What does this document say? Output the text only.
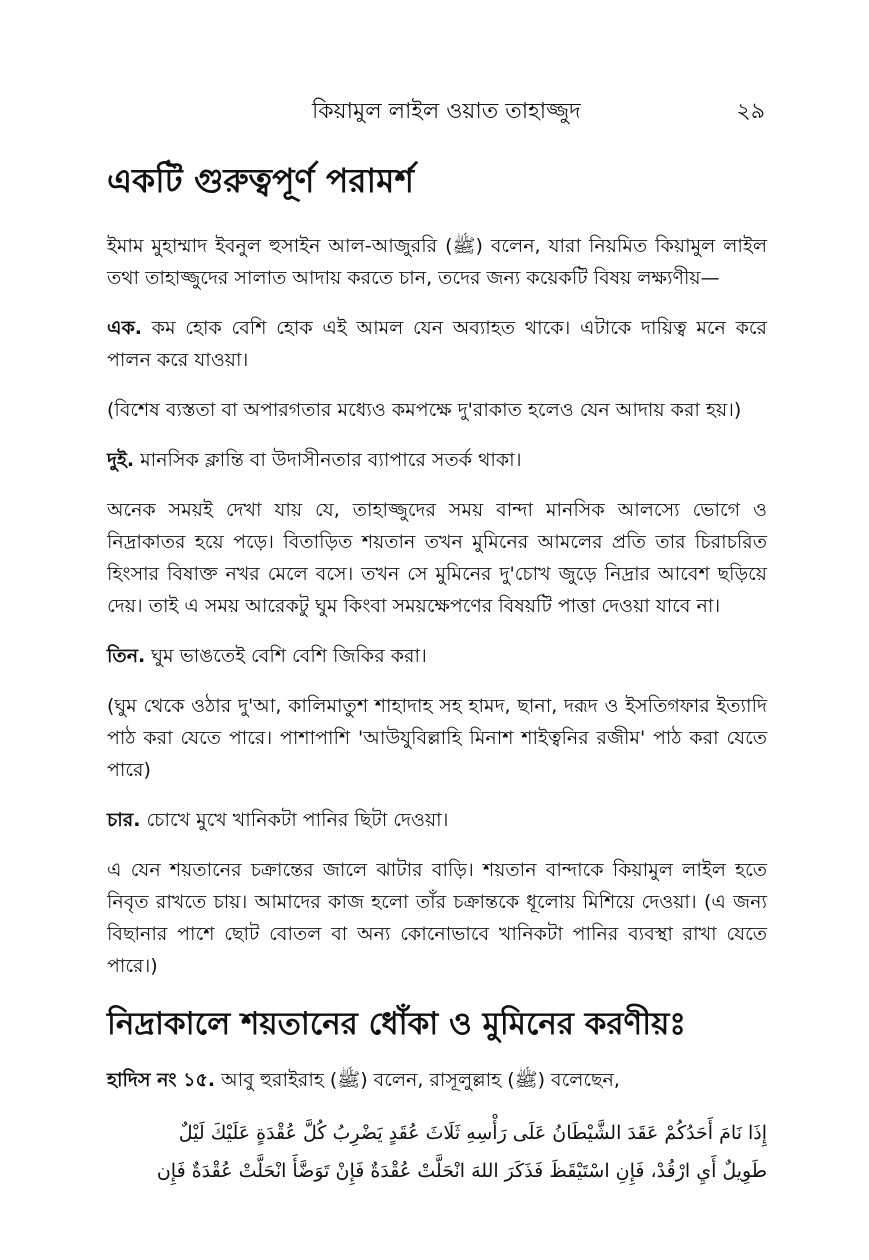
কিয়ামুল লাইল ওয়াত তাহাজ্জুদ	২৯
একটি গুরুত্বপূর্ণ পরামর্শ

ইমাম মুহাম্মাদ ইবনুল হুসাইন আল-আজুররি (ﷺ) বলেন, যারা নিয়মিত কিয়ামুল লাইল তথা তাহাজ্জুদের সালাত আদায় করতে চান, তদের জন্য কয়েকটি বিষয় লক্ষ্যণীয়—

এক. কম হোক বেশি হোক এই আমল যেন অব্যাহত থাকে। এটাকে দায়িত্ব মনে করে পালন করে যাওয়া।

(বিশেষ ব্যস্ততা বা অপারগতার মধ্যেও কমপক্ষে দু'রাকাত হলেও যেন আদায় করা হয়।)

দুই. মানসিক ক্লান্তি বা উদাসীনতার ব্যাপারে সতর্ক থাকা।

অনেক সময়ই দেখা যায় যে, তাহাজ্জুদের সময় বান্দা মানসিক আলস্যে ভোগে ও নিদ্রাকাতর হয়ে পড়ে। বিতাড়িত শয়তান তখন মুমিনের আমলের প্রতি তার চিরাচরিত হিংসার বিষাক্ত নখর মেলে বসে। তখন সে মুমিনের দু'চোখ জুড়ে নিদ্রার আবেশ ছড়িয়ে দেয়। তাই এ সময় আরেকটু ঘুম কিংবা সময়ক্ষেপণের বিষয়টি পাত্তা দেওয়া যাবে না।

তিন. ঘুম ভাঙতেই বেশি বেশি জিকির করা।

(ঘুম থেকে ওঠার দু'আ, কালিমাতুশ শাহাদাহ সহ হামদ, ছানা, দরূদ ও ইসতিগফার ইত্যাদি পাঠ করা যেতে পারে। পাশাপাশি 'আউযুবিল্লাহি মিনাশ শাইত্বনির রজীম' পাঠ করা যেতে পারে)

চার. চোখে মুখে খানিকটা পানির ছিটা দেওয়া।

এ যেন শয়তানের চক্রান্তের জালে ঝাটার বাড়ি। শয়তান বান্দাকে কিয়ামুল লাইল হতে নিবৃত রাখতে চায়। আমাদের কাজ হলো তাঁর চক্রান্তকে ধূলোয় মিশিয়ে দেওয়া। (এ জন্য বিছানার পাশে ছোট বোতল বা অন্য কোনোভাবে খানিকটা পানির ব্যবস্থা রাখা যেতে পারে।)

নিদ্রাকালে শয়তানের ধোঁকা ও মুমিনের করণীয়ঃ

হাদিস নং ১৫. আবু হুরাইরাহ (ﷺ) বলেন, রাসূলুল্লাহ (ﷺ) বলেছেন,

إِذَا نَامَ أَحَدُكُمْ عَقَدَ الشَّيْطَانُ عَلَى رَأْسِهِ ثَلَاثَ عُقَدٍ يَضْرِبُ كُلَّ عُقْدَةٍ عَلَيْكَ لَيْلٌ
طَوِيلٌ أَيِ ارْقُدْ، فَإِنِ اسْتَيْقَظَ فَذَكَرَ اللهَ انْحَلَّتْ عُقْدَةٌ فَإِنْ تَوَضَّأَ انْحَلَّتْ عُقْدَةٌ فَإِن
